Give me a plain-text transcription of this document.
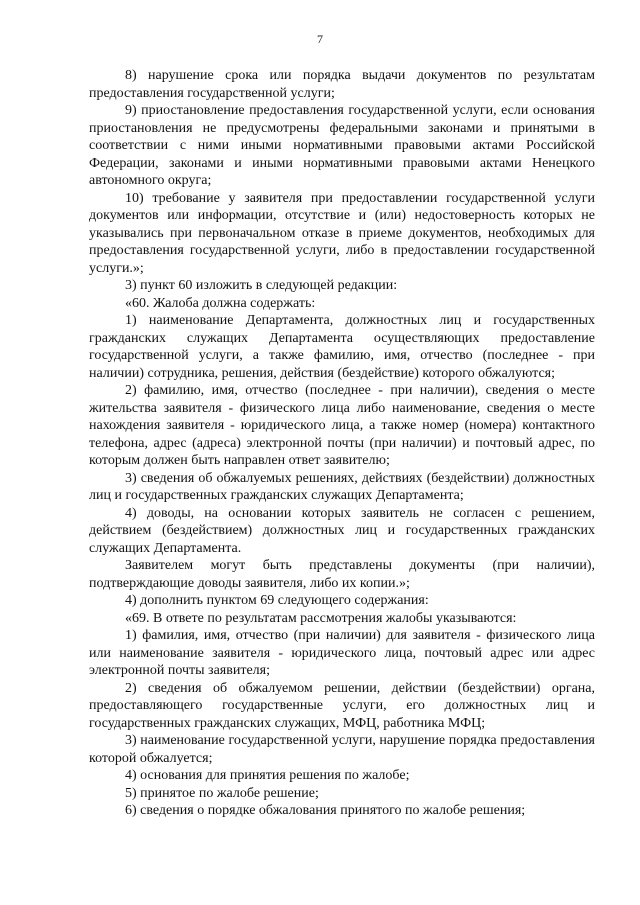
7

8) нарушение срока или порядка выдачи документов по результатам предоставления государственной услуги;

9) приостановление предоставления государственной услуги, если основания приостановления не предусмотрены федеральными законами и принятыми в соответствии с ними иными нормативными правовыми актами Российской Федерации, законами и иными нормативными правовыми актами Ненецкого автономного округа;

10) требование у заявителя при предоставлении государственной услуги документов или информации, отсутствие и (или) недостоверность которых не указывались при первоначальном отказе в приеме документов, необходимых для предоставления государственной услуги, либо в предоставлении государственной услуги.»;

3) пункт 60 изложить в следующей редакции:

«60. Жалоба должна содержать:

1) наименование Департамента, должностных лиц и государственных гражданских служащих Департамента осуществляющих предоставление государственной услуги, а также фамилию, имя, отчество (последнее - при наличии) сотрудника, решения, действия (бездействие) которого обжалуются;

2) фамилию, имя, отчество (последнее - при наличии), сведения о месте жительства заявителя - физического лица либо наименование, сведения о месте нахождения заявителя - юридического лица, а также номер (номера) контактного телефона, адрес (адреса) электронной почты (при наличии) и почтовый адрес, по которым должен быть направлен ответ заявителю;

3) сведения об обжалуемых решениях, действиях (бездействии) должностных лиц и государственных гражданских служащих Департамента;

4) доводы, на основании которых заявитель не согласен с решением, действием (бездействием) должностных лиц и государственных гражданских служащих Департамента.

Заявителем могут быть представлены документы (при наличии), подтверждающие доводы заявителя, либо их копии.»;

4) дополнить пунктом 69 следующего содержания:

«69. В ответе по результатам рассмотрения жалобы указываются:

1) фамилия, имя, отчество (при наличии) для заявителя - физического лица или наименование заявителя - юридического лица, почтовый адрес или адрес электронной почты заявителя;

2) сведения об обжалуемом решении, действии (бездействии) органа, предоставляющего государственные услуги, его должностных лиц и государственных гражданских служащих, МФЦ, работника МФЦ;

3) наименование государственной услуги, нарушение порядка предоставления которой обжалуется;

4) основания для принятия решения по жалобе;

5) принятое по жалобе решение;

6) сведения о порядке обжалования принятого по жалобе решения;
